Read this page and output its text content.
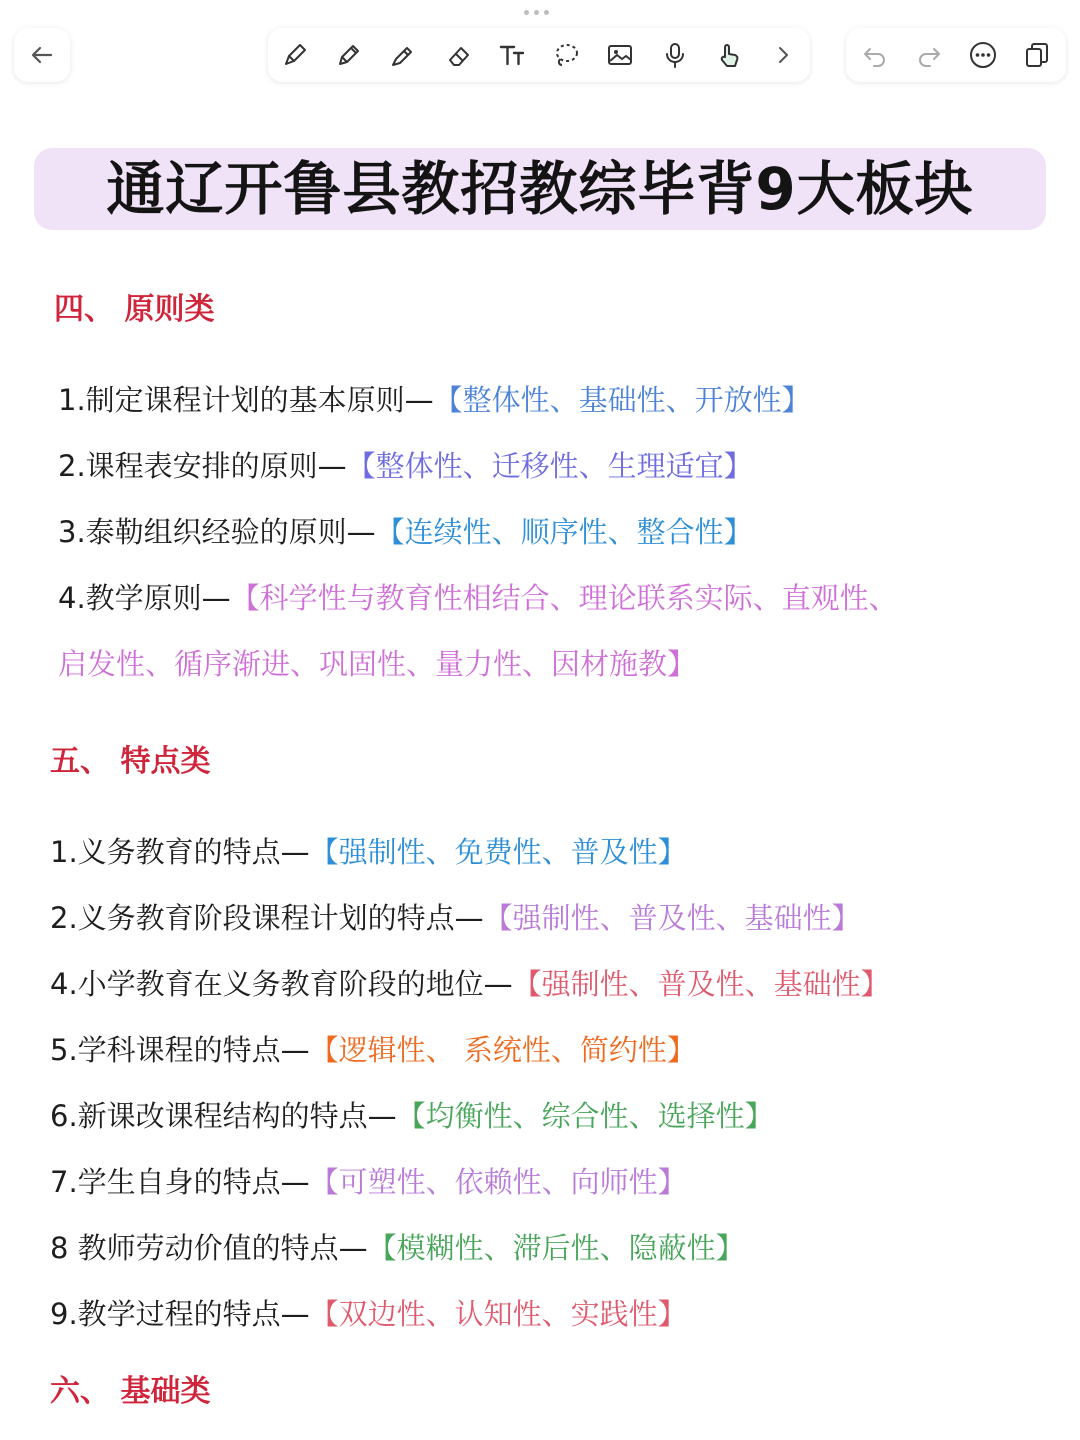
通辽开鲁县教招教综毕背9大板块
四、 原则类
1.制定课程计划的基本原则—【整体性、基础性、开放性】
2.课程表安排的原则—【整体性、迁移性、生理适宜】
3.泰勒组织经验的原则—【连续性、顺序性、整合性】
4.教学原则—【科学性与教育性相结合、理论联系实际、直观性、
启发性、循序渐进、巩固性、量力性、因材施教】
五、 特点类
1.义务教育的特点—【强制性、免费性、普及性】
2.义务教育阶段课程计划的特点—【强制性、普及性、基础性】
4.小学教育在义务教育阶段的地位—【强制性、普及性、基础性】
5.学科课程的特点—【逻辑性、 系统性、简约性】
6.新课改课程结构的特点—【均衡性、综合性、选择性】
7.学生自身的特点—【可塑性、依赖性、向师性】
8 教师劳动价值的特点—【模糊性、滞后性、隐蔽性】
9.教学过程的特点—【双边性、认知性、实践性】
六、 基础类
